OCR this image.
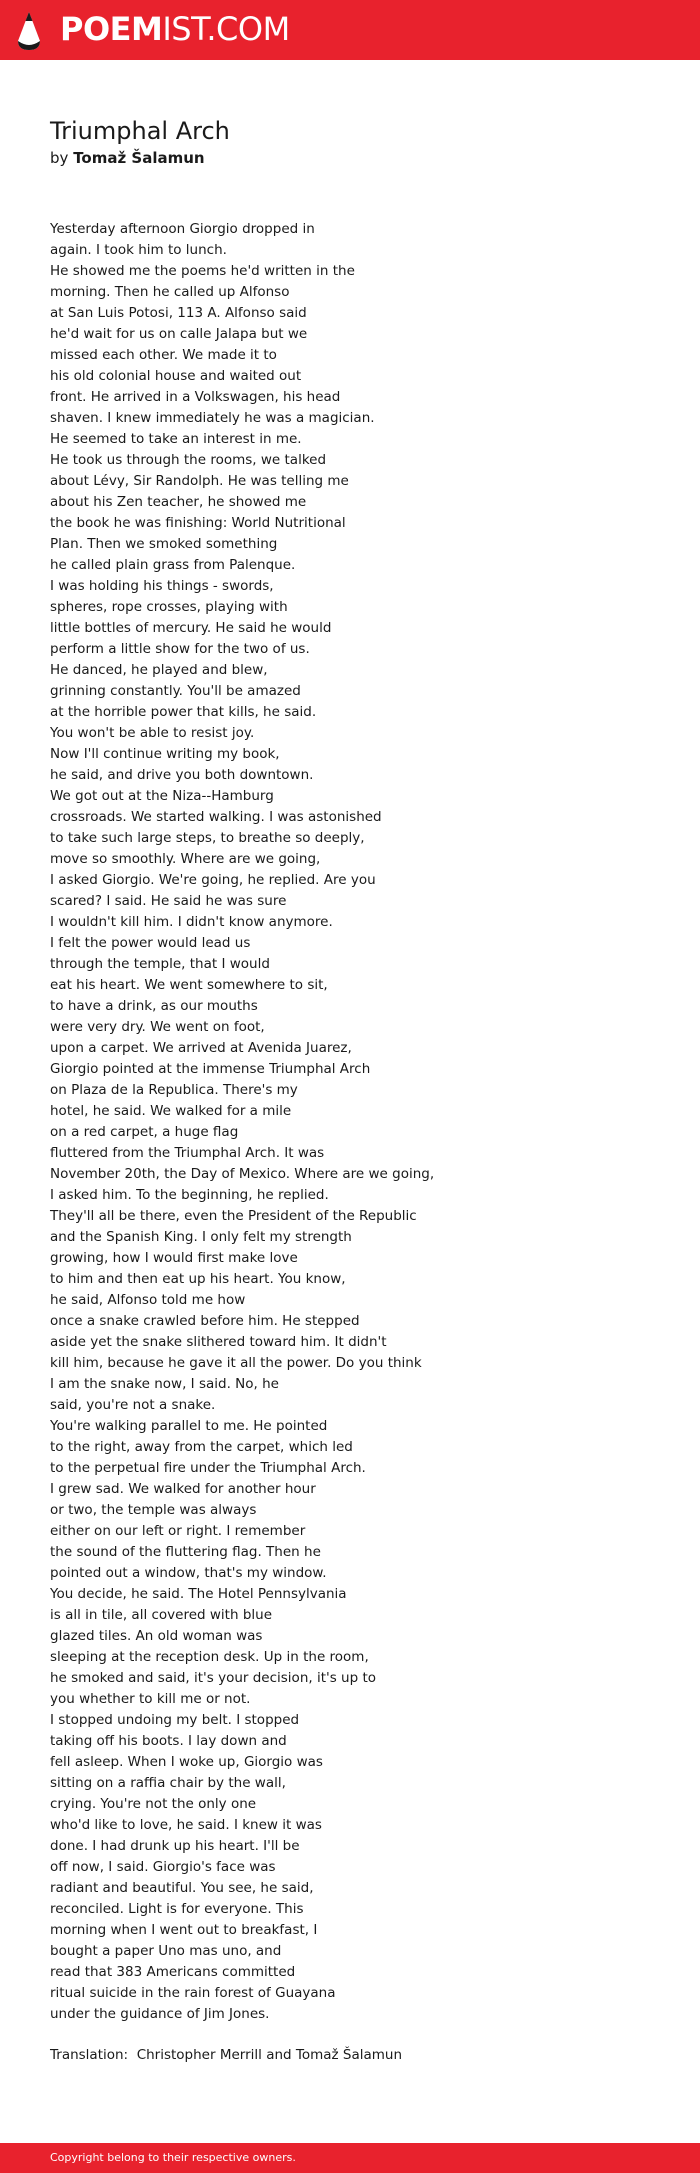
POEMIST.COM
Triumphal Arch
by Tomaž Šalamun
Yesterday afternoon Giorgio dropped in
again. I took him to lunch.
He showed me the poems he'd written in the
morning. Then he called up Alfonso
at San Luis Potosi, 113 A. Alfonso said
he'd wait for us on calle Jalapa but we
missed each other. We made it to
his old colonial house and waited out
front. He arrived in a Volkswagen, his head
shaven. I knew immediately he was a magician.
He seemed to take an interest in me.
He took us through the rooms, we talked
about Lévy, Sir Randolph. He was telling me
about his Zen teacher, he showed me
the book he was finishing: World Nutritional
Plan. Then we smoked something
he called plain grass from Palenque.
I was holding his things - swords,
spheres, rope crosses, playing with
little bottles of mercury. He said he would
perform a little show for the two of us.
He danced, he played and blew,
grinning constantly. You'll be amazed
at the horrible power that kills, he said.
You won't be able to resist joy.
Now I'll continue writing my book,
he said, and drive you both downtown.
We got out at the Niza--Hamburg
crossroads. We started walking. I was astonished
to take such large steps, to breathe so deeply,
move so smoothly. Where are we going,
I asked Giorgio. We're going, he replied. Are you
scared? I said. He said he was sure
I wouldn't kill him. I didn't know anymore.
I felt the power would lead us
through the temple, that I would
eat his heart. We went somewhere to sit,
to have a drink, as our mouths
were very dry. We went on foot,
upon a carpet. We arrived at Avenida Juarez,
Giorgio pointed at the immense Triumphal Arch
on Plaza de la Republica. There's my
hotel, he said. We walked for a mile
on a red carpet, a huge flag
fluttered from the Triumphal Arch. It was
November 20th, the Day of Mexico. Where are we going,
I asked him. To the beginning, he replied.
They'll all be there, even the President of the Republic
and the Spanish King. I only felt my strength
growing, how I would first make love
to him and then eat up his heart. You know,
he said, Alfonso told me how
once a snake crawled before him. He stepped
aside yet the snake slithered toward him. It didn't
kill him, because he gave it all the power. Do you think
I am the snake now, I said. No, he
said, you're not a snake.
You're walking parallel to me. He pointed
to the right, away from the carpet, which led
to the perpetual fire under the Triumphal Arch.
I grew sad. We walked for another hour
or two, the temple was always
either on our left or right. I remember
the sound of the fluttering flag. Then he
pointed out a window, that's my window.
You decide, he said. The Hotel Pennsylvania
is all in tile, all covered with blue
glazed tiles. An old woman was
sleeping at the reception desk. Up in the room,
he smoked and said, it's your decision, it's up to
you whether to kill me or not.
I stopped undoing my belt. I stopped
taking off his boots. I lay down and
fell asleep. When I woke up, Giorgio was
sitting on a raffia chair by the wall,
crying. You're not the only one
who'd like to love, he said. I knew it was
done. I had drunk up his heart. I'll be
off now, I said. Giorgio's face was
radiant and beautiful. You see, he said,
reconciled. Light is for everyone. This
morning when I went out to breakfast, I
bought a paper Uno mas uno, and
read that 383 Americans committed
ritual suicide in the rain forest of Guayana
under the guidance of Jim Jones.
Translation:  Christopher Merrill and Tomaž Šalamun
Copyright belong to their respective owners.
